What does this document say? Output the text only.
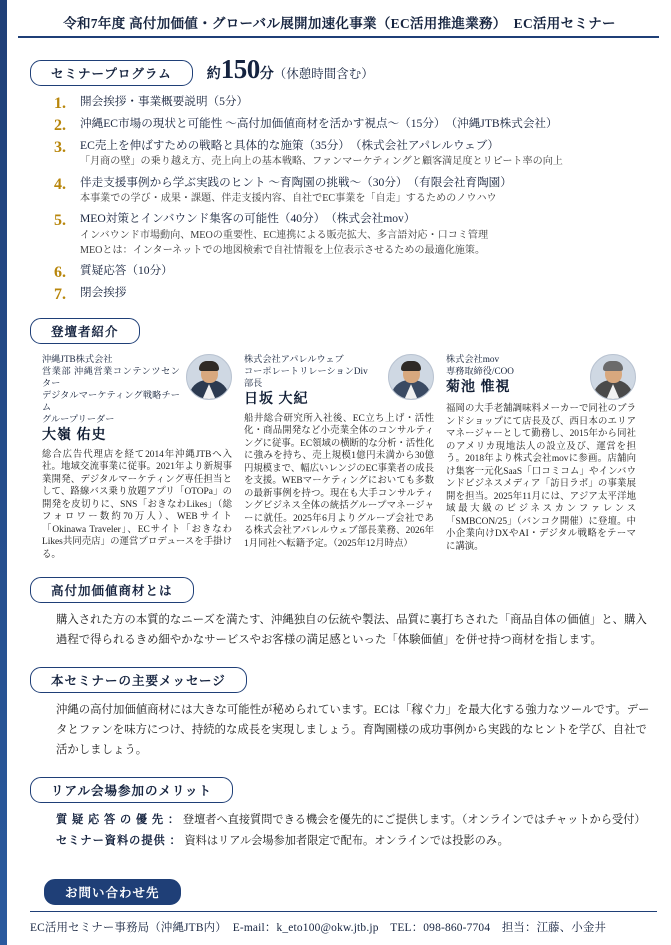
令和7年度 高付加価値・グローバル展開加速化事業（EC活用推進業務）　EC活用セミナー
セミナープログラム	約150分（休憩時間含む）
開会挨拶・事業概要説明（5分）
沖縄EC市場の現状と可能性 ～高付加価値商材を活かす視点～（15分）　（沖縄JTB株式会社）
EC売上を伸ばすための戦略と具体的な施策（35分）　（株式会社アパレルウェブ）
「月商の壁」の乗り越え方、売上向上の基本戦略、ファンマーケティングと顧客満足度とリピート率の向上
伴走支援事例から学ぶ実践のヒント ～育陶園の挑戦～（30分）　（有限会社育陶園）
本事業での学び・成果・課題、伴走支援内容、自社でEC事業を「自走」するためのノウハウ
MEO対策とインバウンド集客の可能性（40分）　（株式会社mov）
インバウンド市場動向、MEOの重要性、EC連携による販売拡大、多言語対応・口コミ管理
MEOとは：インターネットでの地図検索で自社情報を上位表示させるための最適化施策。
質疑応答（10分）
閉会挨拶
登壇者紹介
沖縄JTB株式会社
営業部 沖縄営業コンテンツセンター
デジタルマーケティング戦略チーム
グループリーダー
大嶺 佑史
総合広告代理店を経て2014年沖縄JTBへ入社。地域交流事業に従事。2021年より新規事業開発、デジタルマーケティング専任担当として、路線バス乗り放題アプリ「OTOPa」の開発を皮切りに、SNS「おきなわLikes」（総フォロワー数約70万人）、WEBサイト「Okinawa Traveler」、ECサイト「おきなわLikes共同売店」の運営プロデュースを手掛ける。
株式会社アパレルウェブ
コーポレートリレーションDiv
部長
日坂 大紀
船井総合研究所入社後、EC立ち上げ・活性化・商品開発など小売業全体のコンサルティングに従事。EC領域の横断的な分析・活性化に強みを持ち、売上規模1億円未満から30億円規模まで、幅広いレンジのEC事業者の成長を支援。WEBマーケティングにおいても多数の最新事例を持つ。現在も大手コンサルティングビジネス全体の統括グループマネージャーに就任。2025年6月よりグループ会社である株式会社アパレルウェブ部長業務、2026年1月同社へ転籍予定。（2025年12月時点）
株式会社mov
専務取締役/COO
菊池 惟視
福岡の大手老舗調味料メーカーで同社のブランドショップにて店長及び、西日本のエリアマネージャーとして勤務し、2015年から同社のアメリカ現地法人の設立及び、運営を担う。2018年より株式会社movに参画。店舗向け集客一元化SaaS「口コミコム」やインバウンドビジネスメディア「訪日ラボ」の事業展開を担当。2025年11月には、アジア太平洋地域最大級のビジネスカンファレンス「SMBCON/25」（バンコク開催）に登壇。中小企業向けDXやAI・デジタル戦略をテーマに講演。
高付加価値商材とは

購入された方の本質的なニーズを満たす、沖縄独自の伝統や製法、品質に裏打ちされた「商品自体の価値」と、購入過程で得られるきめ細やかなサービスやお客様の満足感といった「体験価値」を併せ持つ商材を指します。

本セミナーの主要メッセージ

沖縄の高付加価値商材には大きな可能性が秘められています。ECは「稼ぐ力」を最大化する強力なツールです。データとファンを味方につけ、持続的な成長を実現しましょう。育陶園様の成功事例から実践的なヒントを学び、自社で活かしましょう。

リアル会場参加のメリット
質 疑 応 答 の 優 先 ： 登壇者へ直接質問できる機会を優先的にご提供します。（オンラインではチャットから受付）
セミナー資料の提供 ： 資料はリアル会場参加者限定で配布。オンラインでは投影のみ。
お問い合わせ先
EC活用セミナー事務局（沖縄JTB内）　E-mail：k_eto100@okw.jtb.jp　TEL：098-860-7704　担当：江藤、小金井
